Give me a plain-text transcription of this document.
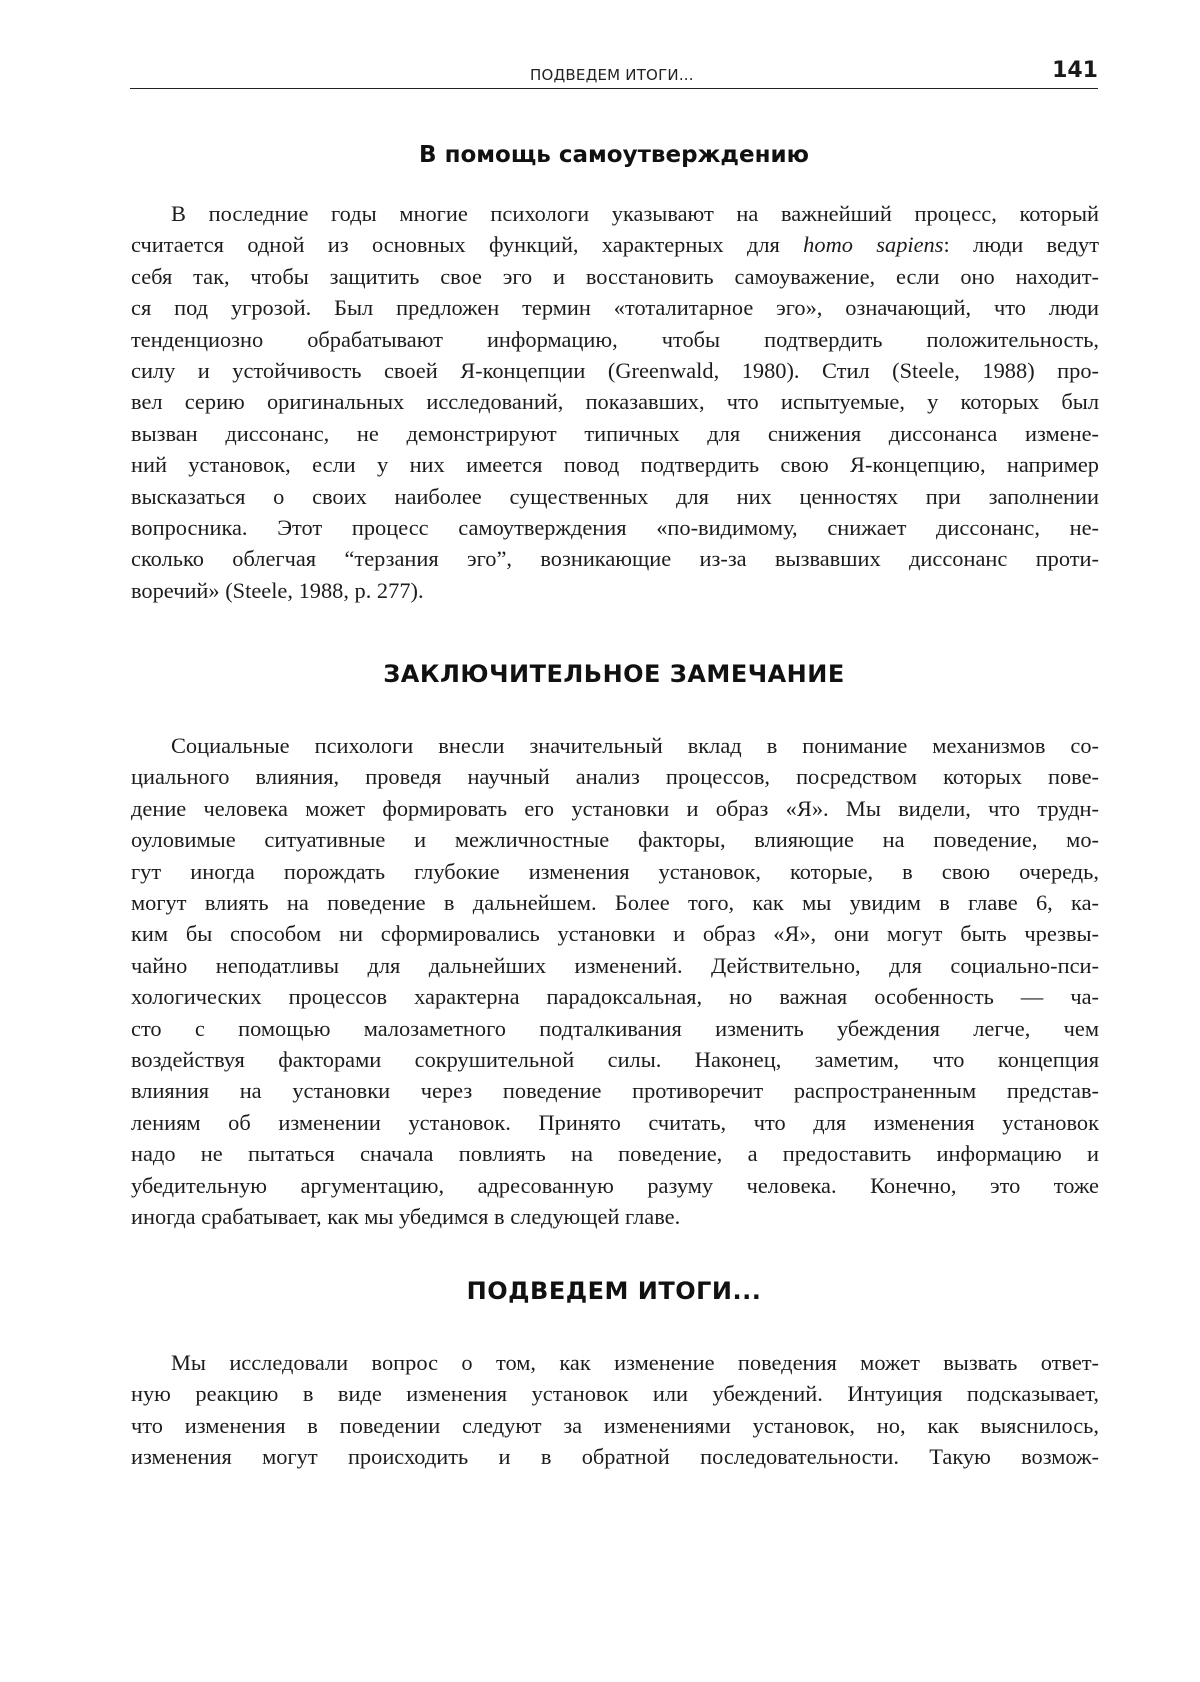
ПОДВЕДЕМ ИТОГИ...	141
В помощь самоутверждению
В последние годы многие психологи указывают на важнейший процесс, который
считается одной из основных функций, характерных для homo sapiens: люди ведут
себя так, чтобы защитить свое эго и восстановить самоуважение, если оно находит-
ся под угрозой. Был предложен термин «тоталитарное эго», означающий, что люди
тенденциозно обрабатывают информацию, чтобы подтвердить положительность,
силу и устойчивость своей Я-концепции (Greenwald, 1980). Стил (Steele, 1988) про-
вел серию оригинальных исследований, показавших, что испытуемые, у которых был
вызван диссонанс, не демонстрируют типичных для снижения диссонанса измене-
ний установок, если у них имеется повод подтвердить свою Я-концепцию, например
высказаться о своих наиболее существенных для них ценностях при заполнении
вопросника. Этот процесс самоутверждения «по-видимому, снижает диссонанс, не-
сколько облегчая “терзания эго”, возникающие из-за вызвавших диссонанс проти-
воречий» (Steele, 1988, p. 277).
ЗАКЛЮЧИТЕЛЬНОЕ ЗАМЕЧАНИЕ
Социальные психологи внесли значительный вклад в понимание механизмов со-
циального влияния, проведя научный анализ процессов, посредством которых пове-
дение человека может формировать его установки и образ «Я». Мы видели, что трудн-
оуловимые ситуативные и межличностные факторы, влияющие на поведение, мо-
гут иногда порождать глубокие изменения установок, которые, в свою очередь,
могут влиять на поведение в дальнейшем. Более того, как мы увидим в главе 6, ка-
ким бы способом ни сформировались установки и образ «Я», они могут быть чрезвы-
чайно неподатливы для дальнейших изменений. Действительно, для социально-пси-
хологических процессов характерна парадоксальная, но важная особенность — ча-
сто с помощью малозаметного подталкивания изменить убеждения легче, чем
воздействуя факторами сокрушительной силы. Наконец, заметим, что концепция
влияния на установки через поведение противоречит распространенным представ-
лениям об изменении установок. Принято считать, что для изменения установок
надо не пытаться сначала повлиять на поведение, а предоставить информацию и
убедительную аргументацию, адресованную разуму человека. Конечно, это тоже
иногда срабатывает, как мы убедимся в следующей главе.
ПОДВЕДЕМ ИТОГИ...
Мы исследовали вопрос о том, как изменение поведения может вызвать ответ-
ную реакцию в виде изменения установок или убеждений. Интуиция подсказывает,
что изменения в поведении следуют за изменениями установок, но, как выяснилось,
изменения могут происходить и в обратной последовательности. Такую возмож-
